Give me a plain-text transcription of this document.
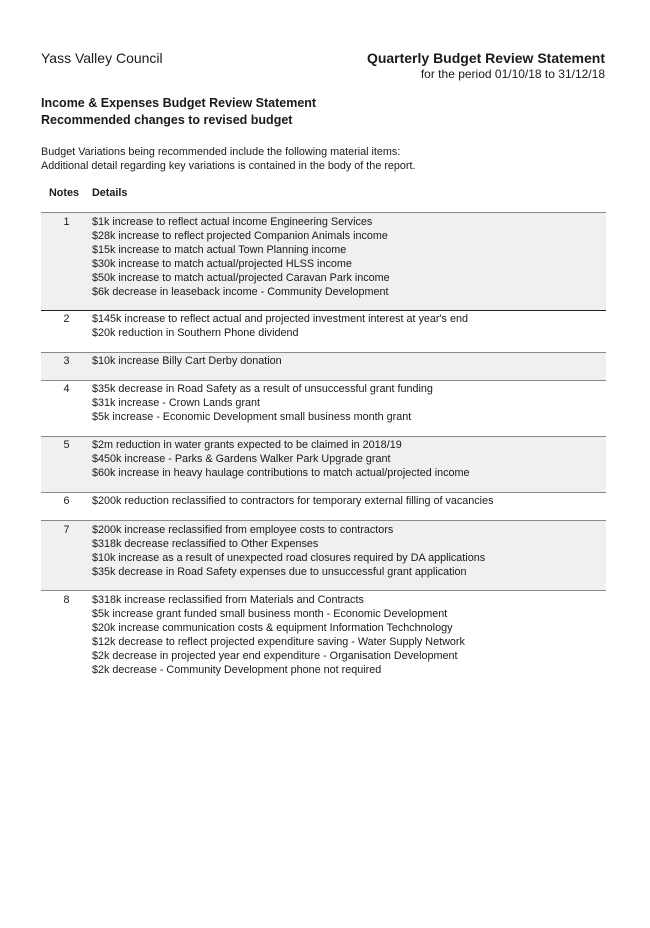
Yass Valley Council	Quarterly Budget Review Statement
for the period 01/10/18 to 31/12/18
Income & Expenses Budget Review Statement
Recommended changes to revised budget
Budget Variations being recommended include the following material items:
Additional detail regarding key variations is contained in the body of the report.
Notes Details
1	$1k increase to reflect actual income Engineering Services
$28k increase to reflect projected Companion Animals income
$15k increase to match actual Town Planning income
$30k increase to match actual/projected HLSS income
$50k increase to match actual/projected Caravan Park income
$6k decrease in leaseback income - Community Development
2	$145k increase to reflect actual and projected investment interest at year's end
$20k reduction in Southern Phone dividend
3	$10k increase Billy Cart Derby donation
4	$35k decrease in Road Safety as a result of unsuccessful grant funding
$31k increase - Crown Lands grant
$5k increase - Economic Development small business month grant
5	$2m reduction in water grants expected to be claimed in 2018/19
$450k increase - Parks & Gardens Walker Park Upgrade grant
$60k increase in heavy haulage contributions to match actual/projected income
6	$200k reduction reclassified to contractors for temporary external filling of vacancies
7	$200k increase reclassified from employee costs to contractors
$318k decrease reclassified to Other Expenses
$10k increase as a result of unexpected road closures required by DA applications
$35k decrease in Road Safety expenses due to unsuccessful grant application
8	$318k increase reclassified from Materials and Contracts
$5k increase grant funded small business month - Economic Development
$20k increase communication costs & equipment Information Techchnology
$12k decrease to reflect projected expenditure saving - Water Supply Network
$2k decrease in projected year end expenditure - Organisation Development
$2k decrease - Community Development phone not required
